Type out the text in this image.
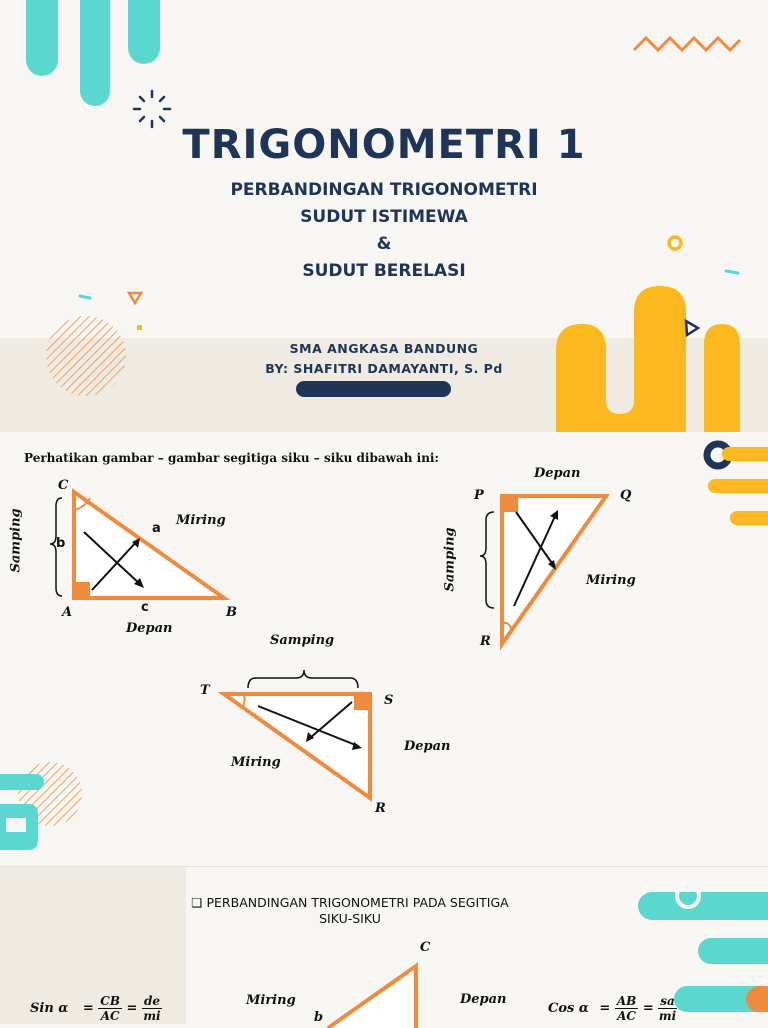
TRIGONOMETRI 1
PERBANDINGAN TRIGONOMETRI
SUDUT ISTIMEWA
&
SUDUT BERELASI
SMA ANGKASA BANDUNG
BY: SHAFITRI DAMAYANTI, S. Pd
Perhatikan gambar – gambar segitiga siku – siku dibawah ini:
C
A	B
a
b
c
Miring
Depan
Samping
Depan
P	Q
R
Miring
Samping
Samping
T
S
Depan
Miring
R
❏ PERBANDINGAN TRIGONOMETRI PADA SEGITIGA
SIKU-SIKU
C
b
Miring	Depan
Sin $\alpha = \frac{CB}{AC} = \frac{de}{mi}$	Cos $\alpha = \frac{AB}{AC} = \frac{sa}{mi}$
